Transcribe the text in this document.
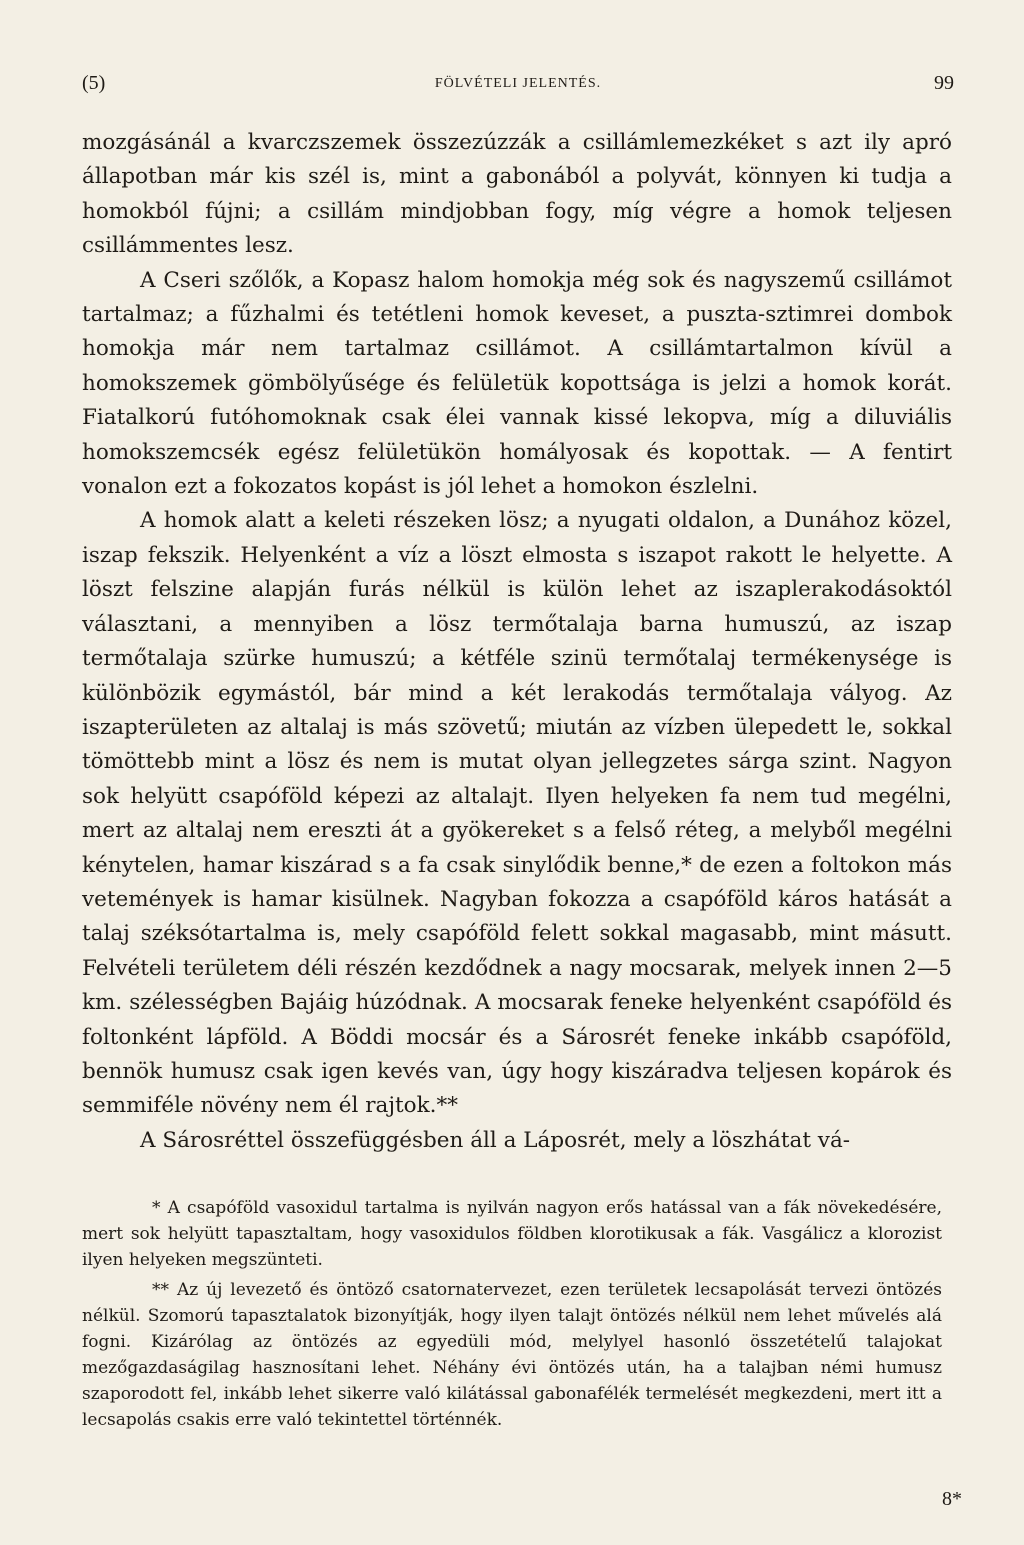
(5)	FÖLVÉTELI JELENTÉS.	99

mozgásánál a kvarczszemek összezúzzák a csillámlemezkéket s azt ily apró állapotban már kis szél is, mint a gabonából a polyvát, könnyen ki tudja a homokból fújni; a csillám mindjobban fogy, míg végre a homok teljesen csillámmentes lesz.

A Cseri szőlők, a Kopasz halom homokja még sok és nagyszemű csillámot tartalmaz; a fűzhalmi és tetétleni homok keveset, a puszta-sztimrei dombok homokja már nem tartalmaz csillámot. A csillámtartalmon kívül a homokszemek gömbölyűsége és felületük kopottsága is jelzi a homok korát. Fiatalkorú futóhomoknak csak élei vannak kissé lekopva, míg a diluviális homokszemcsék egész felületükön homályosak és kopottak. — A fentirt vonalon ezt a fokozatos kopást is jól lehet a homokon észlelni.

A homok alatt a keleti részeken lösz; a nyugati oldalon, a Dunához közel, iszap fekszik. Helyenként a víz a löszt elmosta s iszapot rakott le helyette. A löszt felszine alapján furás nélkül is külön lehet az iszaplerakodásoktól választani, a mennyiben a lösz termőtalaja barna humuszú, az iszap termőtalaja szürke humuszú; a kétféle szinü termőtalaj termékenysége is különbözik egymástól, bár mind a két lerakodás termőtalaja vályog. Az iszapterületen az altalaj is más szövetű; miután az vízben ülepedett le, sokkal tömöttebb mint a lösz és nem is mutat olyan jellegzetes sárga szint. Nagyon sok helyütt csapóföld képezi az altalajt. Ilyen helyeken fa nem tud megélni, mert az altalaj nem ereszti át a gyökereket s a felső réteg, a melyből megélni kénytelen, hamar kiszárad s a fa csak sinylődik benne,* de ezen a foltokon más vetemények is hamar kisülnek. Nagyban fokozza a csapóföld káros hatását a talaj széksótartalma is, mely csapóföld felett sokkal magasabb, mint másutt. Felvételi területem déli részén kezdődnek a nagy mocsarak, melyek innen 2—5 km. szélességben Bajáig húzódnak. A mocsarak feneke helyenként csapóföld és foltonként lápföld. A Böddi mocsár és a Sárosrét feneke inkább csapóföld, bennök humusz csak igen kevés van, úgy hogy kiszáradva teljesen kopárok és semmiféle növény nem él rajtok.**

A Sárosréttel összefüggésben áll a Láposrét, mely a löszhátat vá-

* A csapóföld vasoxidul tartalma is nyilván nagyon erős hatással van a fák növekedésére, mert sok helyütt tapasztaltam, hogy vasoxidulos földben klorotikusak a fák. Vasgálicz a klorozist ilyen helyeken megszünteti.

** Az új levezető és öntöző csatornatervezet, ezen területek lecsapolását tervezi öntözés nélkül. Szomorú tapasztalatok bizonyítják, hogy ilyen talajt öntözés nélkül nem lehet művelés alá fogni. Kizárólag az öntözés az egyedüli mód, melylyel hasonló összetételű talajokat mezőgazdaságilag hasznosítani lehet. Néhány évi öntözés után, ha a talajban némi humusz szaporodott fel, inkább lehet sikerre való kilátással gabonafélék termelését megkezdeni, mert itt a lecsapolás csakis erre való tekintettel történnék.

8*
